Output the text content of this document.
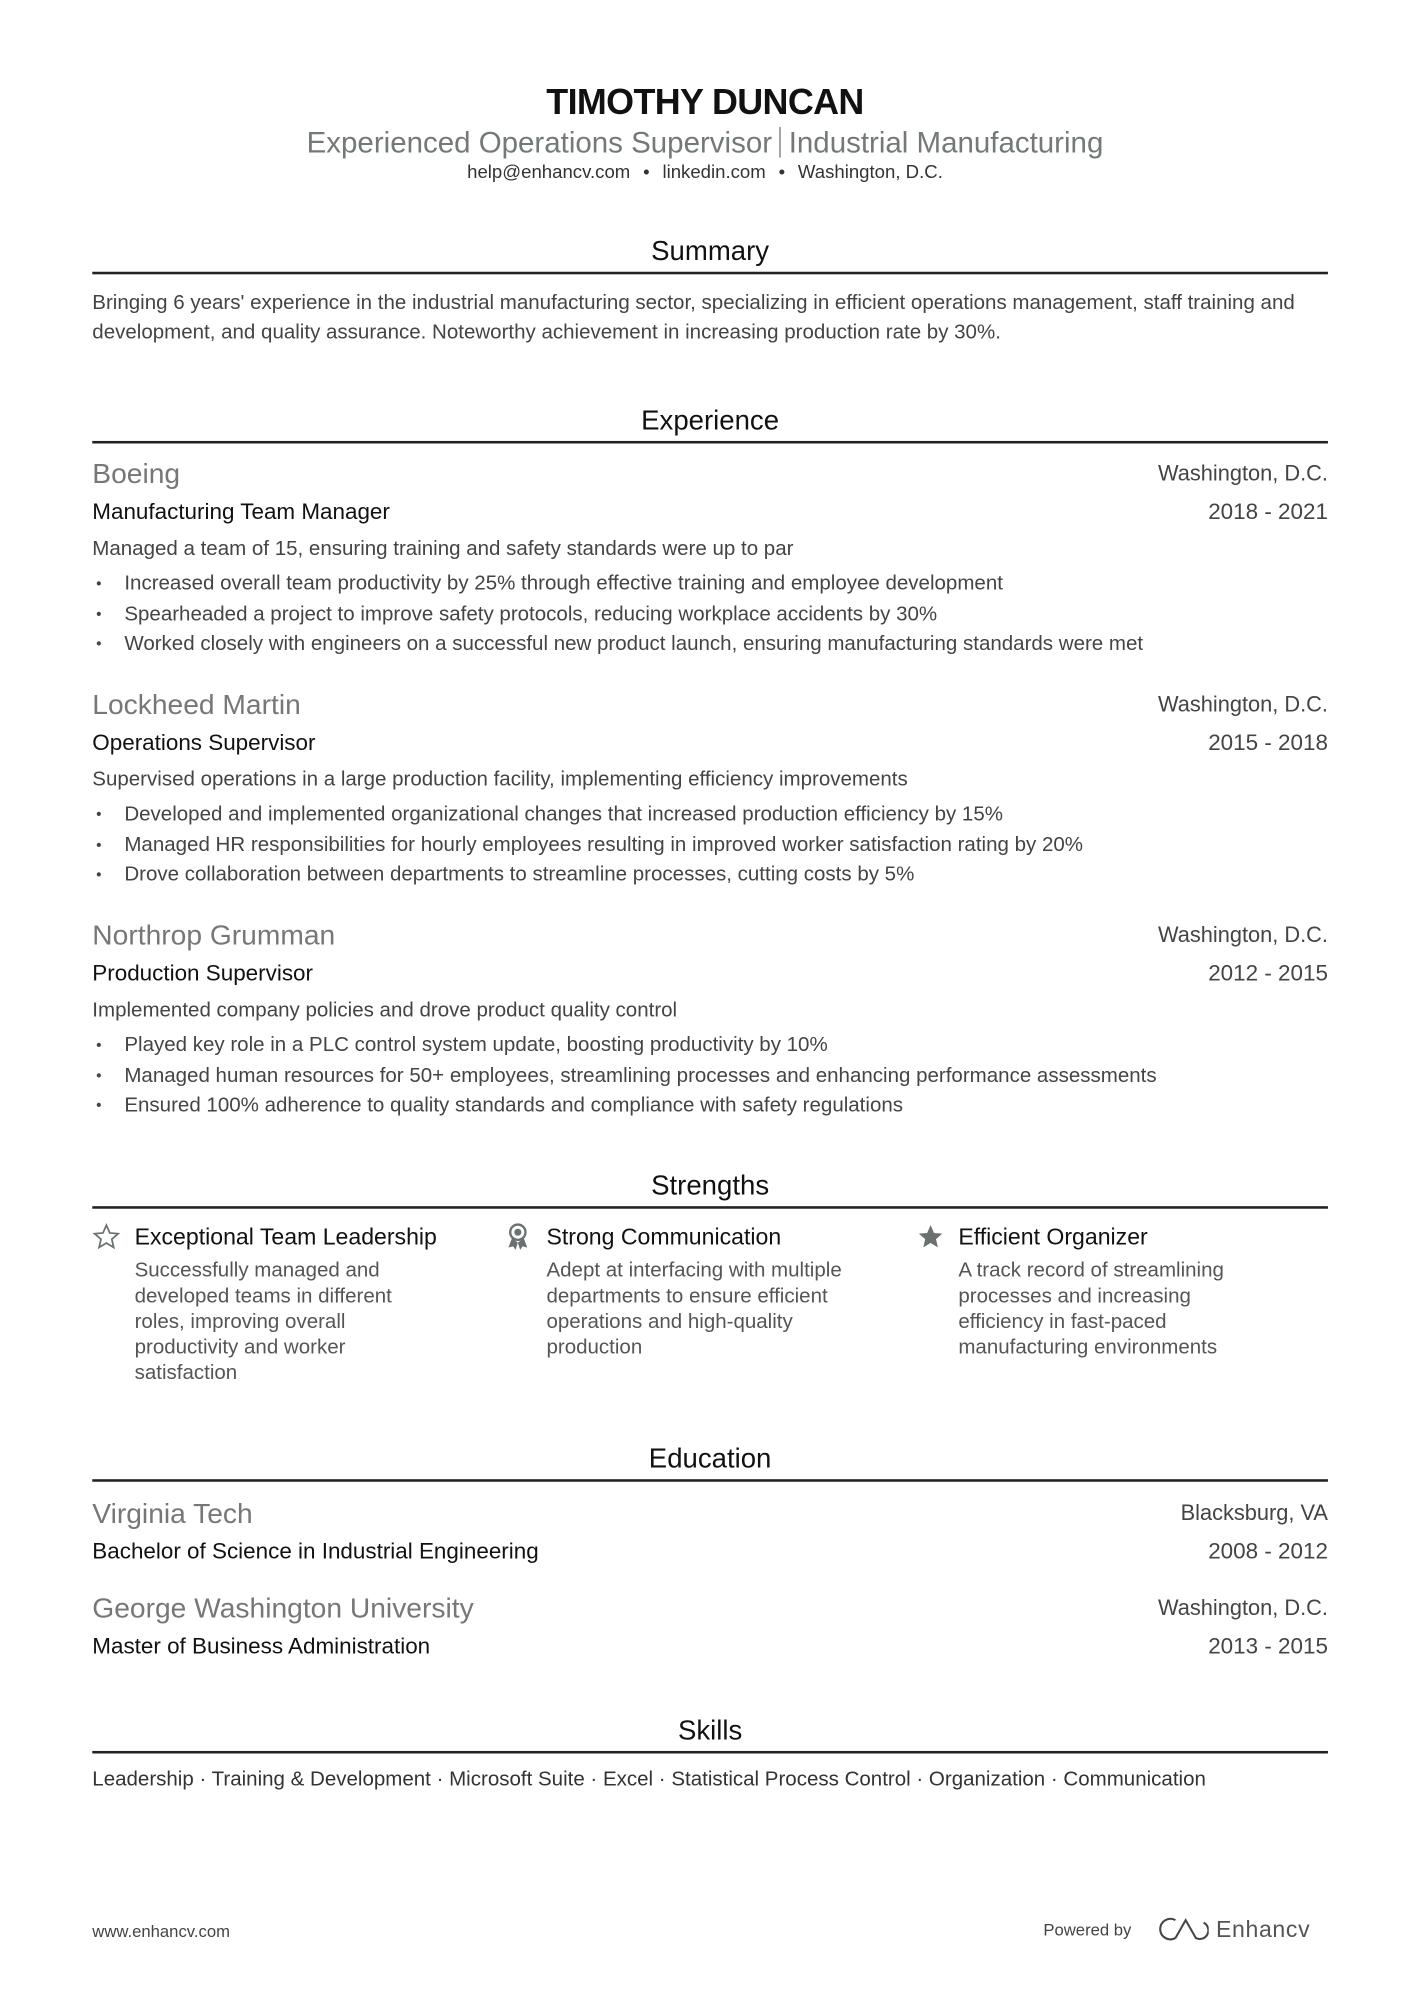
TIMOTHY DUNCAN
Experienced Operations Supervisor Industrial Manufacturing
help@enhancv.com • linkedin.com • Washington, D.C.
Summary
Bringing 6 years' experience in the industrial manufacturing sector, specializing in efficient operations management, staff training and development, and quality assurance. Noteworthy achievement in increasing production rate by 30%.
Experience
Boeing	Washington, D.C.
Manufacturing Team Manager	2018 - 2021
Managed a team of 15, ensuring training and safety standards were up to par
• Increased overall team productivity by 25% through effective training and employee development
• Spearheaded a project to improve safety protocols, reducing workplace accidents by 30%
• Worked closely with engineers on a successful new product launch, ensuring manufacturing standards were met
Lockheed Martin	Washington, D.C.
Operations Supervisor	2015 - 2018
Supervised operations in a large production facility, implementing efficiency improvements
• Developed and implemented organizational changes that increased production efficiency by 15%
• Managed HR responsibilities for hourly employees resulting in improved worker satisfaction rating by 20%
• Drove collaboration between departments to streamline processes, cutting costs by 5%
Northrop Grumman	Washington, D.C.
Production Supervisor	2012 - 2015
Implemented company policies and drove product quality control
• Played key role in a PLC control system update, boosting productivity by 10%
• Managed human resources for 50+ employees, streamlining processes and enhancing performance assessments
• Ensured 100% adherence to quality standards and compliance with safety regulations
Strengths
Exceptional Team Leadership
Successfully managed and developed teams in different roles, improving overall productivity and worker satisfaction
Strong Communication
Adept at interfacing with multiple departments to ensure efficient operations and high-quality production
Efficient Organizer
A track record of streamlining processes and increasing efficiency in fast-paced manufacturing environments
Education
Virginia Tech	Blacksburg, VA
Bachelor of Science in Industrial Engineering	2008 - 2012
George Washington University	Washington, D.C.
Master of Business Administration	2013 - 2015
Skills
Leadership · Training & Development · Microsoft Suite · Excel · Statistical Process Control · Organization · Communication
www.enhancv.com	Powered by	Enhancv
